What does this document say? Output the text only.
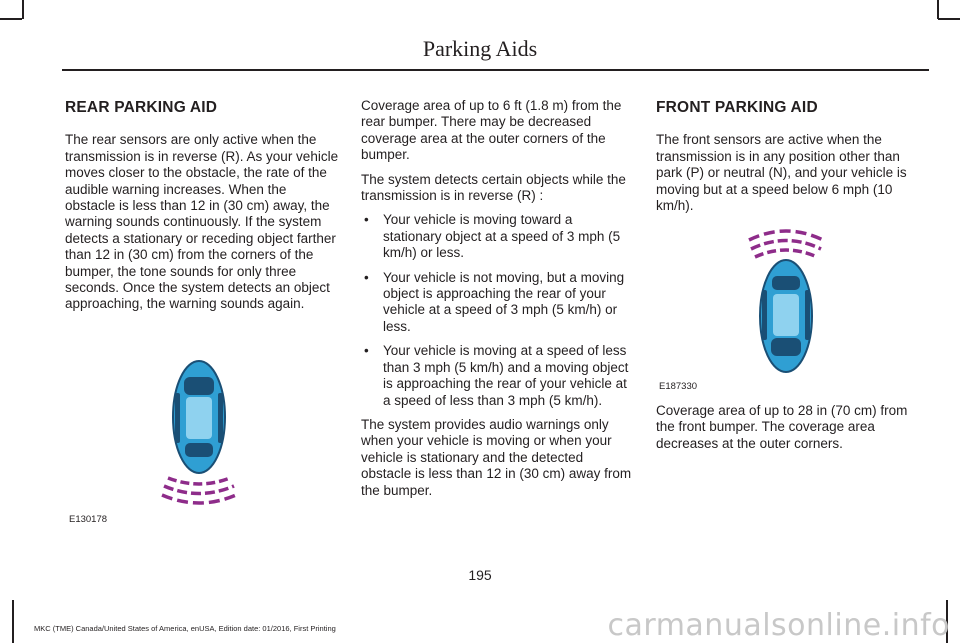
Parking Aids
REAR PARKING AID

The rear sensors are only active when the transmission is in reverse (R). As your vehicle moves closer to the obstacle, the rate of the audible warning increases. When the obstacle is less than 12 in (30 cm) away, the warning sounds continuously. If the system detects a stationary or receding object farther than 12 in (30 cm) from the corners of the bumper, the tone sounds for only three seconds. Once the system detects an object approaching, the warning sounds again.

E130178

Coverage area of up to 6 ft (1.8 m) from the rear bumper. There may be decreased coverage area at the outer corners of the bumper.

The system detects certain objects while the transmission is in reverse (R) :

• Your vehicle is moving toward a stationary object at a speed of 3 mph (5 km/h) or less.
• Your vehicle is not moving, but a moving object is approaching the rear of your vehicle at a speed of 3 mph (5 km/h) or less.
• Your vehicle is moving at a speed of less than 3 mph (5 km/h) and a moving object is approaching the rear of your vehicle at a speed of less than 3 mph (5 km/h).

The system provides audio warnings only when your vehicle is moving or when your vehicle is stationary and the detected obstacle is less than 12 in (30 cm) away from the bumper.

FRONT PARKING AID

The front sensors are active when the transmission is in any position other than park (P) or neutral (N), and your vehicle is moving but at a speed below 6 mph (10 km/h).

E187330

Coverage area of up to 28 in (70 cm) from the front bumper. The coverage area decreases at the outer corners.

195
MKC (TME) Canada/United States of America, enUSA, Edition date: 01/2016, First Printing	carmanualsonline.info
